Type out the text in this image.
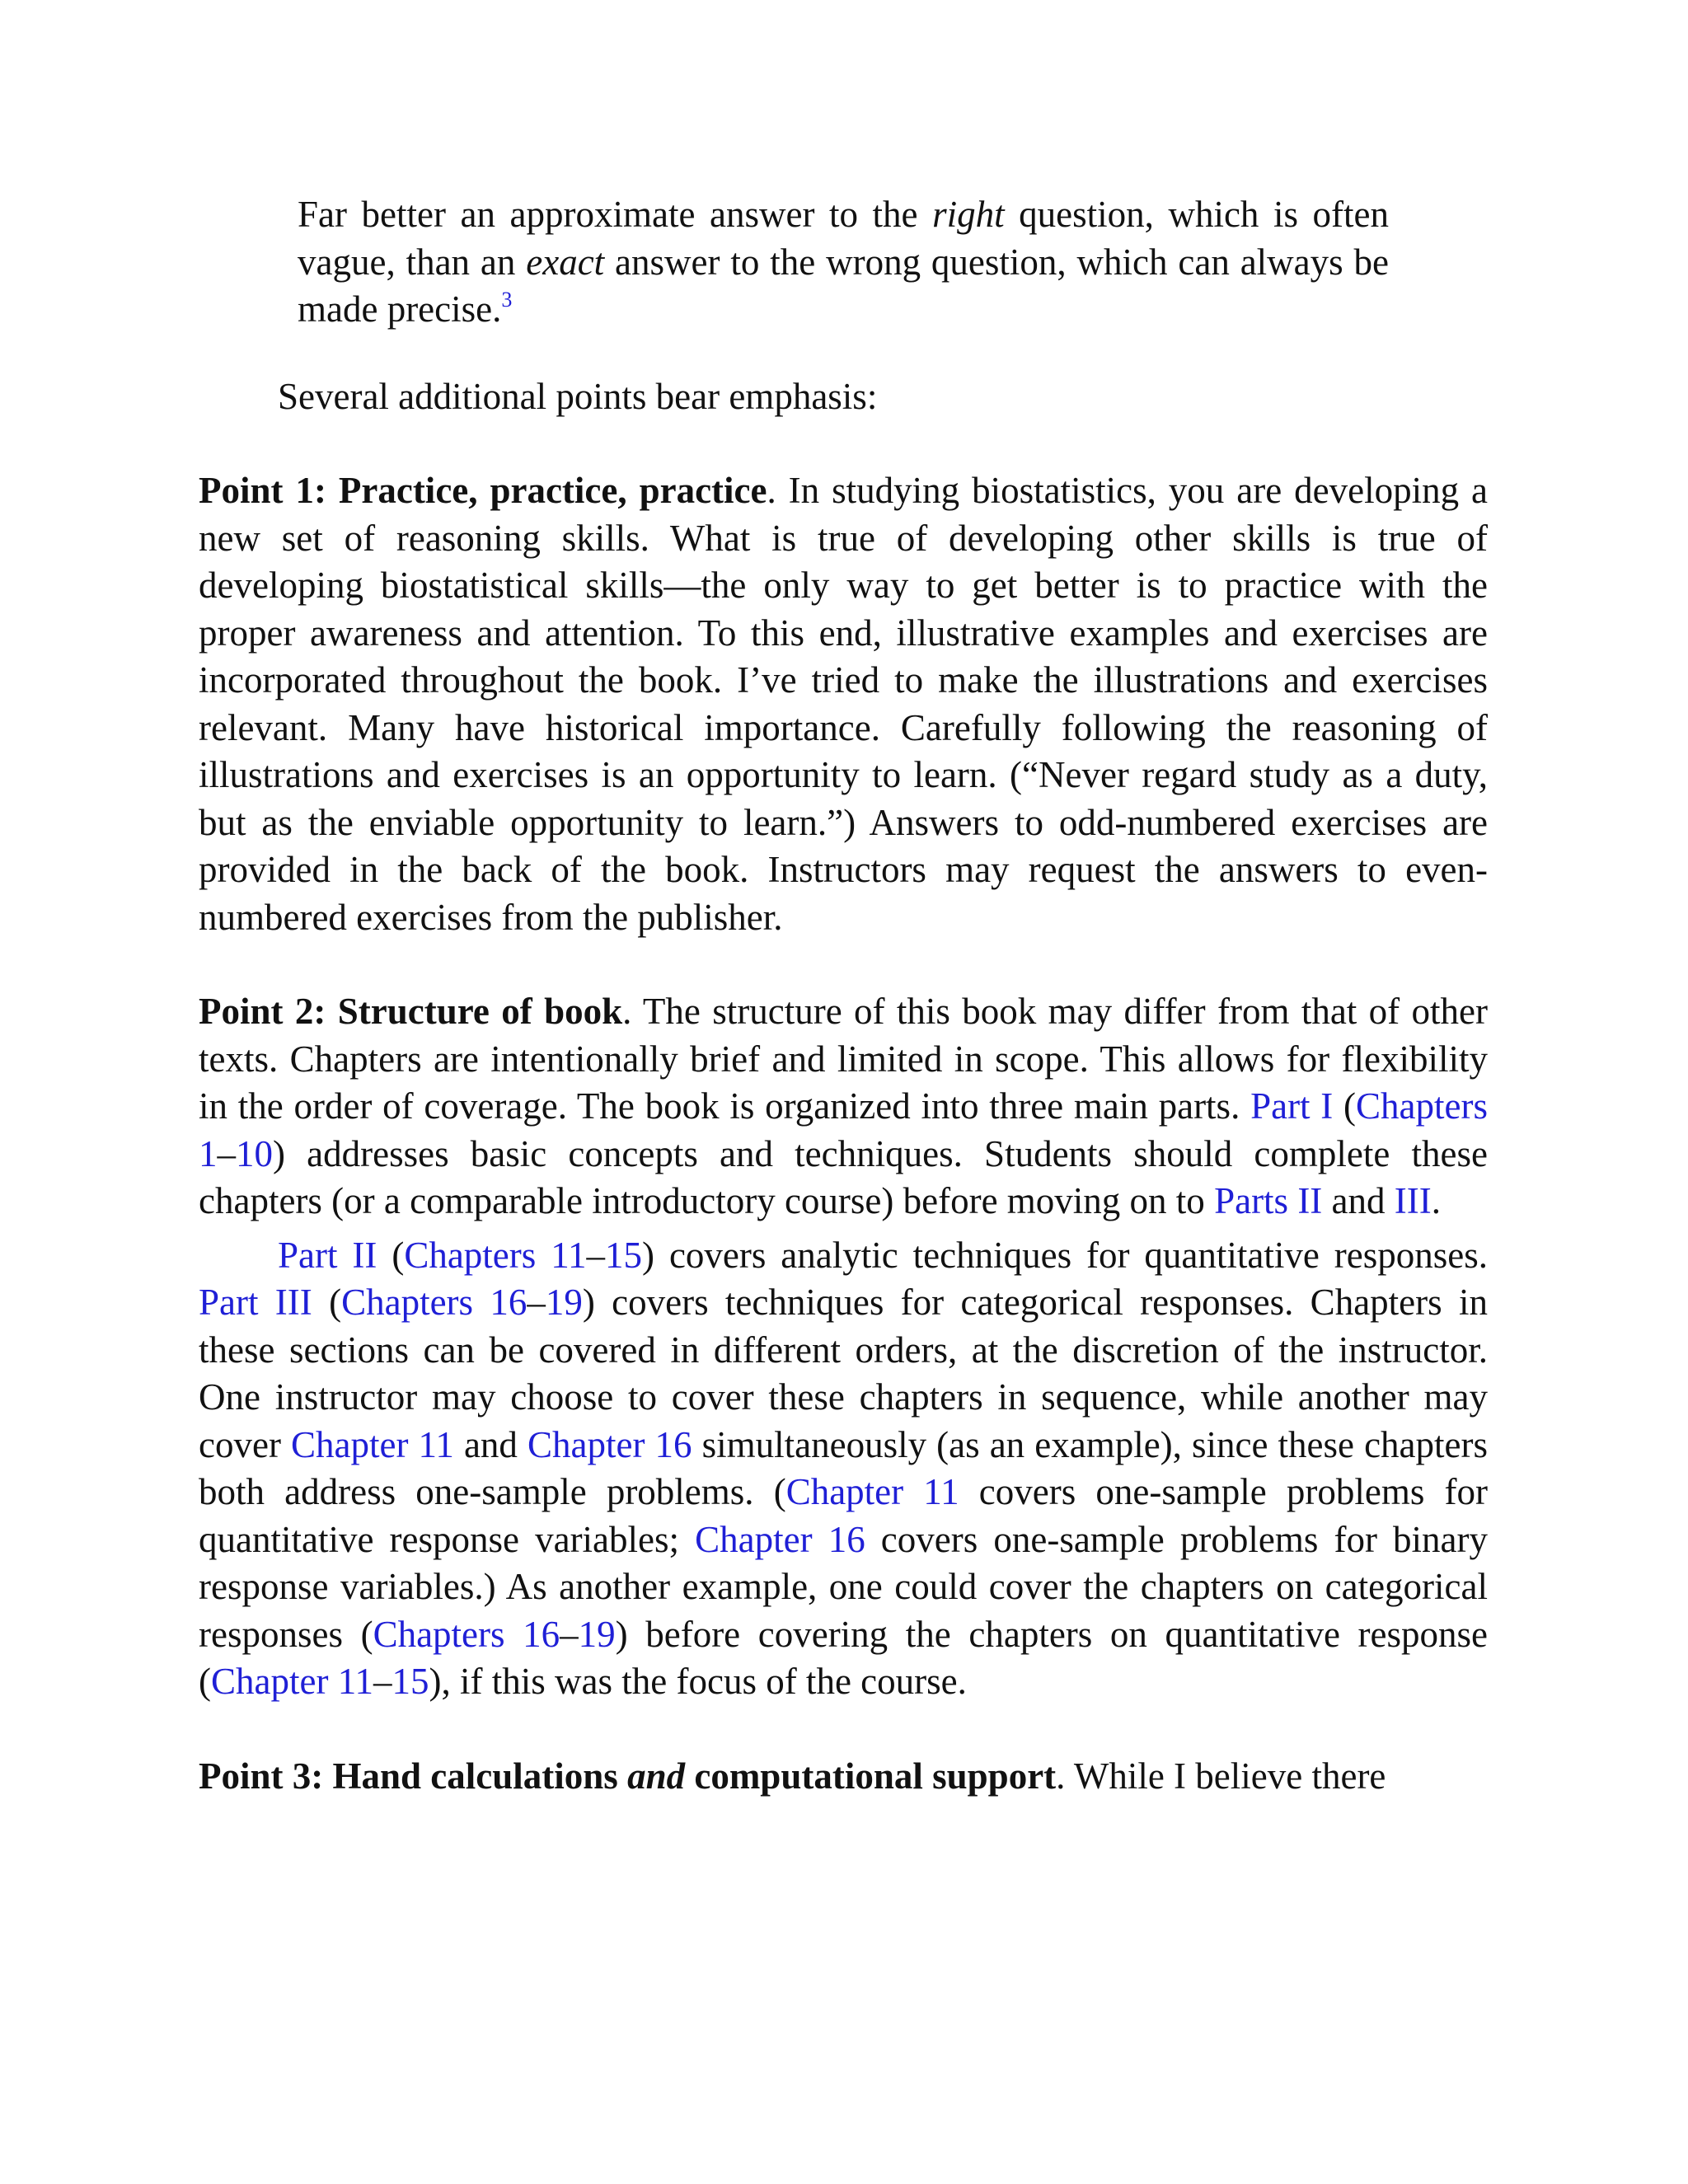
Far better an approximate answer to the right question, which is often vague, than an exact answer to the wrong question, which can always be made precise.$^3$

Several additional points bear emphasis:

Point 1: Practice, practice, practice. In studying biostatistics, you are developing a new set of reasoning skills. What is true of developing other skills is true of developing biostatistical skills—the only way to get better is to practice with the proper awareness and attention. To this end, illustrative examples and exercises are incorporated throughout the book. I’ve tried to make the illustrations and exercises relevant. Many have historical importance. Carefully following the reasoning of illustrations and exercises is an opportunity to learn. (“Never regard study as a duty, but as the enviable opportunity to learn.”) Answers to odd-numbered exercises are provided in the back of the book. Instructors may request the answers to even-numbered exercises from the publisher.

Point 2: Structure of book. The structure of this book may differ from that of other texts. Chapters are intentionally brief and limited in scope. This allows for flexibility in the order of coverage. The book is organized into three main parts. Part I (Chapters 1–10) addresses basic concepts and techniques. Students should complete these chapters (or a comparable introductory course) before moving on to Parts II and III.

Part II (Chapters 11–15) covers analytic techniques for quantitative responses. Part III (Chapters 16–19) covers techniques for categorical responses. Chapters in these sections can be covered in different orders, at the discretion of the instructor. One instructor may choose to cover these chapters in sequence, while another may cover Chapter 11 and Chapter 16 simultaneously (as an example), since these chapters both address one-sample problems. (Chapter 11 covers one-sample problems for quantitative response variables; Chapter 16 covers one-sample problems for binary response variables.) As another example, one could cover the chapters on categorical responses (Chapters 16–19) before covering the chapters on quantitative response (Chapter 11–15), if this was the focus of the course.

Point 3: Hand calculations and computational support. While I believe there
